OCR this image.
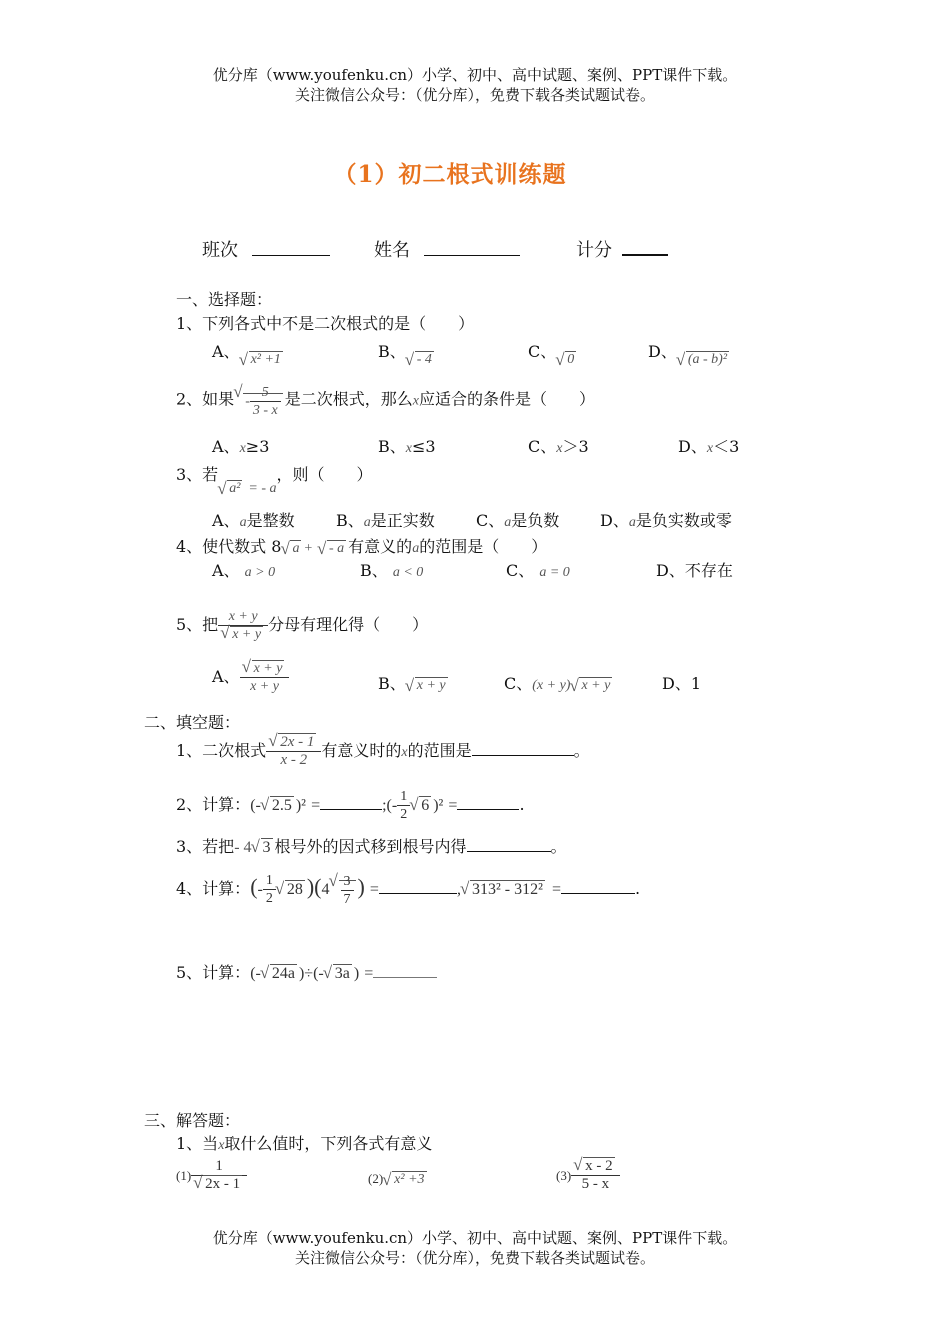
优分库（www.youfenku.cn）小学、初中、高中试题、案例、PPT课件下载。
关注微信公众号：（优分库），免费下载各类试题试卷。
（1）初二根式训练题
班次	姓名	计分
一、选择题：
1、下列各式中不是二次根式的是（　　）
A、 √ x² +1	B、 √ - 4	C、 √ 0	D、 √ (a - b)²
2、如果 √ - $\frac{5}{3 - x}$ 是二次根式，那么x应适合的条件是（　　）
A、x≥3	B、x≤3	C、x＞3	D、x＜3
3、若√ a² = - a，则（　　）
A、a是整数	B、a是正实数	C、a是负数	D、a是负实数或零
4、使代数式 8 √ a + √ - a 有意义的a的范围是（　　）
A、 a > 0	B、 a < 0	C、 a = 0	D、不存在
5、把 x + y
√ x + y 分母有理化得（　　）
A、 √ $\frac{x + y}{x + y}$	B、 √ x + y	C、(x + y) √ x + y	D、1
二、填空题：
1、二次根式 √ $\frac{2x - 1}{x - 2}$ 有意义时的x的范围是	。
2、计算：(- √ 2.5 )² =	;(- $\frac{1}{2}$ √ 6 )² =	.
3、若把- 4 √ 3 根号外的因式移到根号内得	。
4、计算：(- $\frac{1}{2}$ √ 28 )(4 √ $\frac{3}{7}$ ) =	, √ 313² - 312² =	.
5、计算：(- √ 24a )÷(- √ 3a ) =
三、解答题：
1、当x取什么值时，下列各式有意义
(1) 1
√ 2x - 1	(2) √ x² +3	(3) √ $\frac{x - 2}{5 - x}$
优分库（www.youfenku.cn）小学、初中、高中试题、案例、PPT课件下载。
关注微信公众号：（优分库），免费下载各类试题试卷。
